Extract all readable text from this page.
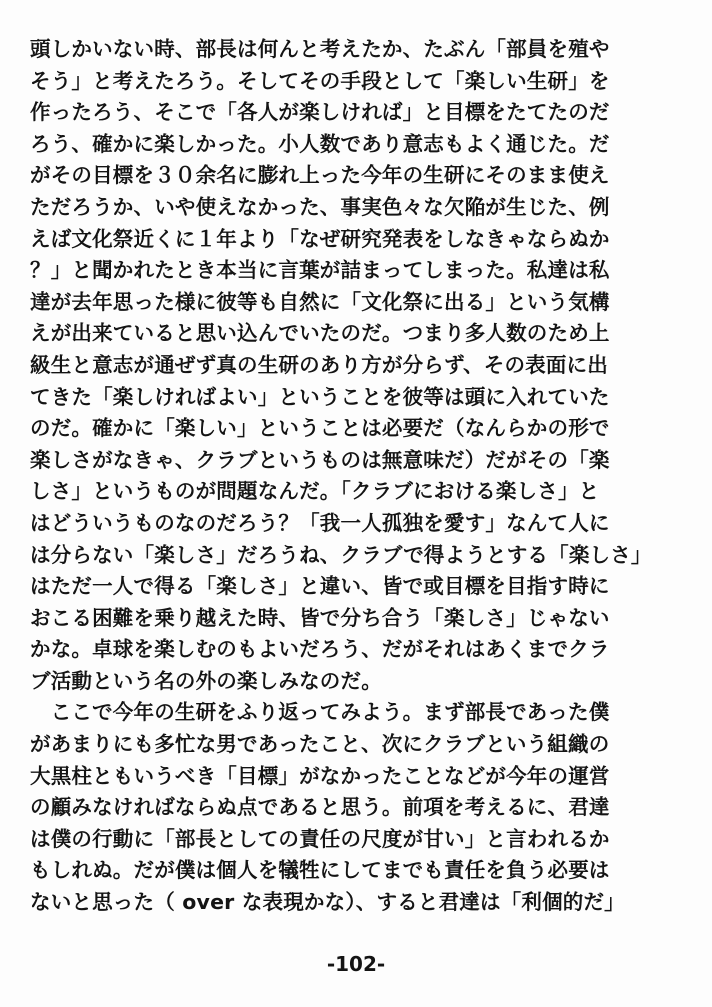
頭しかいない時、部長は何んと考えたか、たぶん「部員を殖や
そう」と考えたろう。そしてその手段として「楽しい生研」を
作ったろう、そこで「各人が楽しければ」と目標をたてたのだ
ろう、確かに楽しかった。小人数であり意志もよく通じた。だ
がその目標を３０余名に膨れ上った今年の生研にそのまま使え
ただろうか、いや使えなかった、事実色々な欠陥が生じた、例
えば文化祭近くに１年より「なぜ研究発表をしなきゃならぬか
？」と聞かれたとき本当に言葉が詰まってしまった。私達は私
達が去年思った様に彼等も自然に「文化祭に出る」という気構
えが出来ていると思い込んでいたのだ。つまり多人数のため上
級生と意志が通ぜず真の生研のあり方が分らず、その表面に出
てきた「楽しければよい」ということを彼等は頭に入れていた
のだ。確かに「楽しい」ということは必要だ（なんらかの形で
楽しさがなきゃ、クラブというものは無意味だ）だがその「楽
しさ」というものが問題なんだ。「クラブにおける楽しさ」と
はどういうものなのだろう？「我一人孤独を愛す」なんて人に
は分らない「楽しさ」だろうね、クラブで得ようとする「楽しさ」
はただ一人で得る「楽しさ」と違い、皆で或目標を目指す時に
おこる困難を乗り越えた時、皆で分ち合う「楽しさ」じゃない
かな。卓球を楽しむのもよいだろう、だがそれはあくまでクラ
ブ活動という名の外の楽しみなのだ。
　ここで今年の生研をふり返ってみよう。まず部長であった僕
があまりにも多忙な男であったこと、次にクラブという組織の
大黒柱ともいうべき「目標」がなかったことなどが今年の運営
の顧みなければならぬ点であると思う。前項を考えるに、君達
は僕の行動に「部長としての責任の尺度が甘い」と言われるか
もしれぬ。だが僕は個人を犠牲にしてまでも責任を負う必要は
ないと思った（ over な表現かな）、すると君達は「利個的だ」
-102-
